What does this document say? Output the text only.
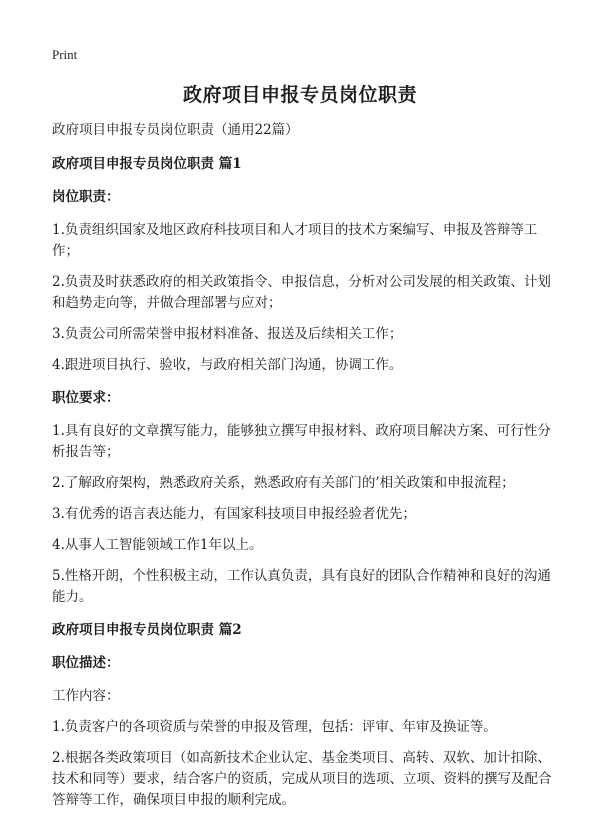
Print
政府项目申报专员岗位职责

政府项目申报专员岗位职责（通用22篇）

政府项目申报专员岗位职责 篇1

岗位职责：

1.负责组织国家及地区政府科技项目和人才项目的技术方案编写、申报及答辩等工作；

2.负责及时获悉政府的相关政策指令、申报信息，分析对公司发展的相关政策、计划和趋势走向等，并做合理部署与应对；

3.负责公司所需荣誉申报材料准备、报送及后续相关工作；

4.跟进项目执行、验收，与政府相关部门沟通，协调工作。

职位要求：

1.具有良好的文章撰写能力，能够独立撰写申报材料、政府项目解决方案、可行性分析报告等；

2.了解政府架构，熟悉政府关系，熟悉政府有关部门的’相关政策和申报流程；

3.有优秀的语言表达能力，有国家科技项目申报经验者优先；

4.从事人工智能领域工作1年以上。

5.性格开朗，个性积极主动，工作认真负责，具有良好的团队合作精神和良好的沟通能力。

政府项目申报专员岗位职责 篇2

职位描述：

工作内容：

1.负责客户的各项资质与荣誉的申报及管理，包括：评审、年审及换证等。

2.根据各类政策项目（如高新技术企业认定、基金类项目、高转、双软、加计扣除、技术和同等）要求，结合客户的资质，完成从项目的选项、立项、资料的撰写及配合答辩等工作，确保项目申报的顺利完成。
